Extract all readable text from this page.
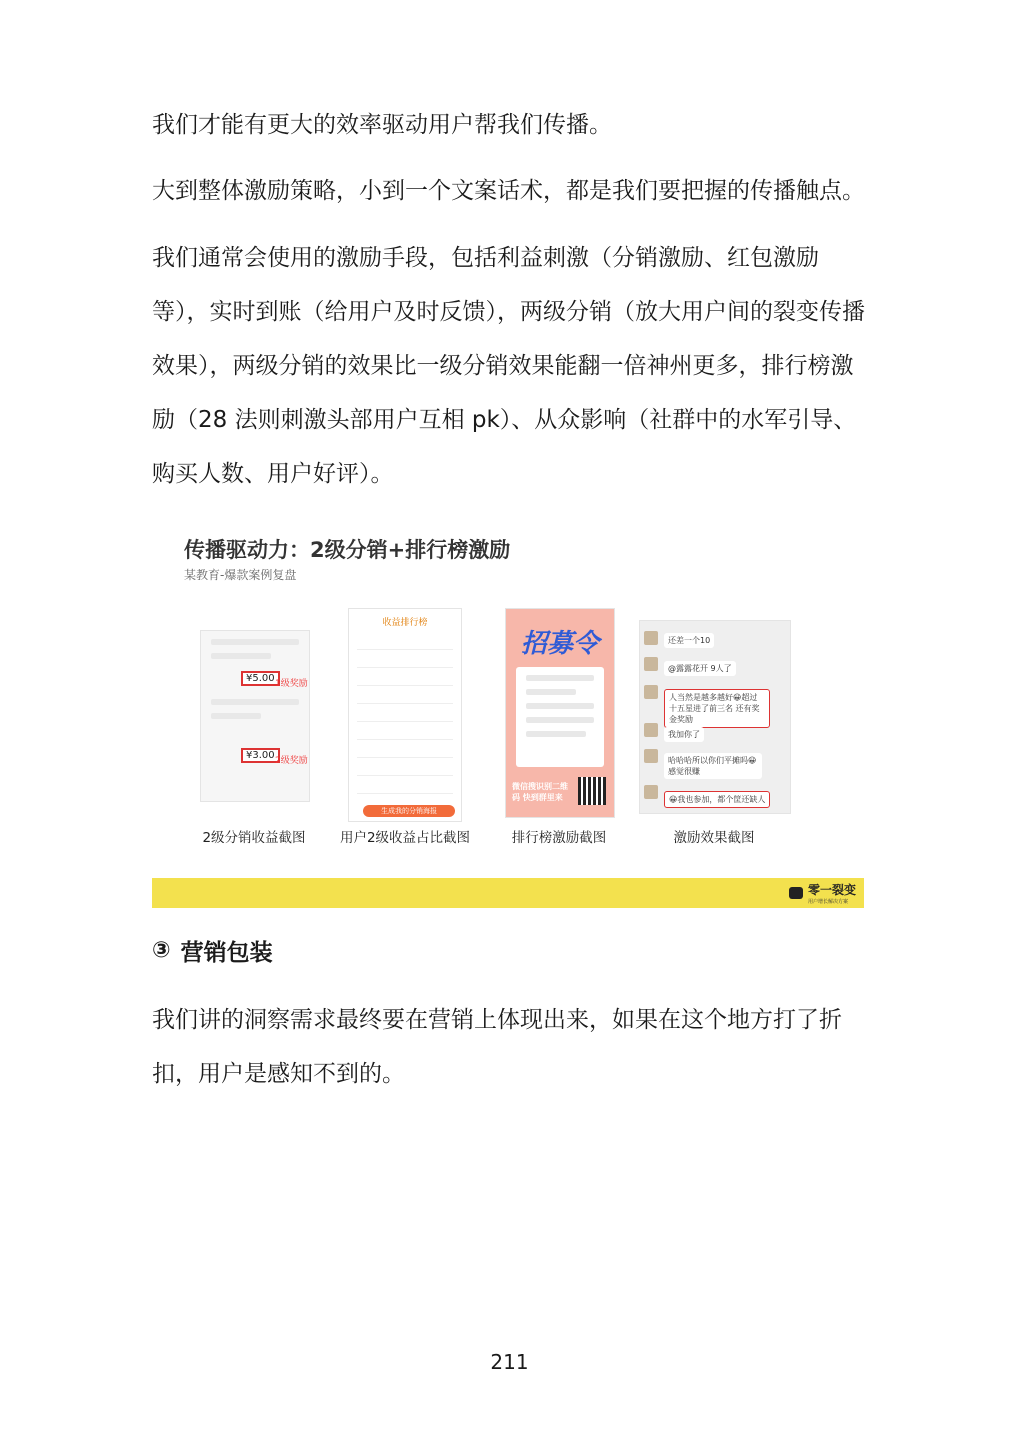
我们才能有更大的效率驱动用户帮我们传播。

大到整体激励策略，小到一个文案话术，都是我们要把握的传播触点。

我们通常会使用的激励手段，包括利益刺激（分销激励、红包激励等），实时到账（给用户及时反馈），两级分销（放大用户间的裂变传播效果），两级分销的效果比一级分销效果能翻一倍神州更多，排行榜激励（28 法则刺激头部用户互相 pk）、从众影响（社群中的水军引导、购买人数、用户好评）。

传播驱动力：2级分销+排行榜激励
某教育-爆款案例复盘
¥5.00 1级奖励
¥3.00 2级奖励
2级分销收益截图
收益排行榜
生成我的分销海报
用户2级收益占比截图
招募令
微信搜识别二维码 快到群里来
排行榜激励截图
还差一个10
@露露花开 9人了
人当然是越多越好😀超过十五星进了前三名 还有奖金奖励
我加你了
哈哈哈所以你们平摊吗😀感觉很赚
😀我也参加，都个筐还缺人
激励效果截图
零一裂变
用户增长解决方案
③ 营销包装

我们讲的洞察需求最终要在营销上体现出来，如果在这个地方打了折扣，用户是感知不到的。

211
